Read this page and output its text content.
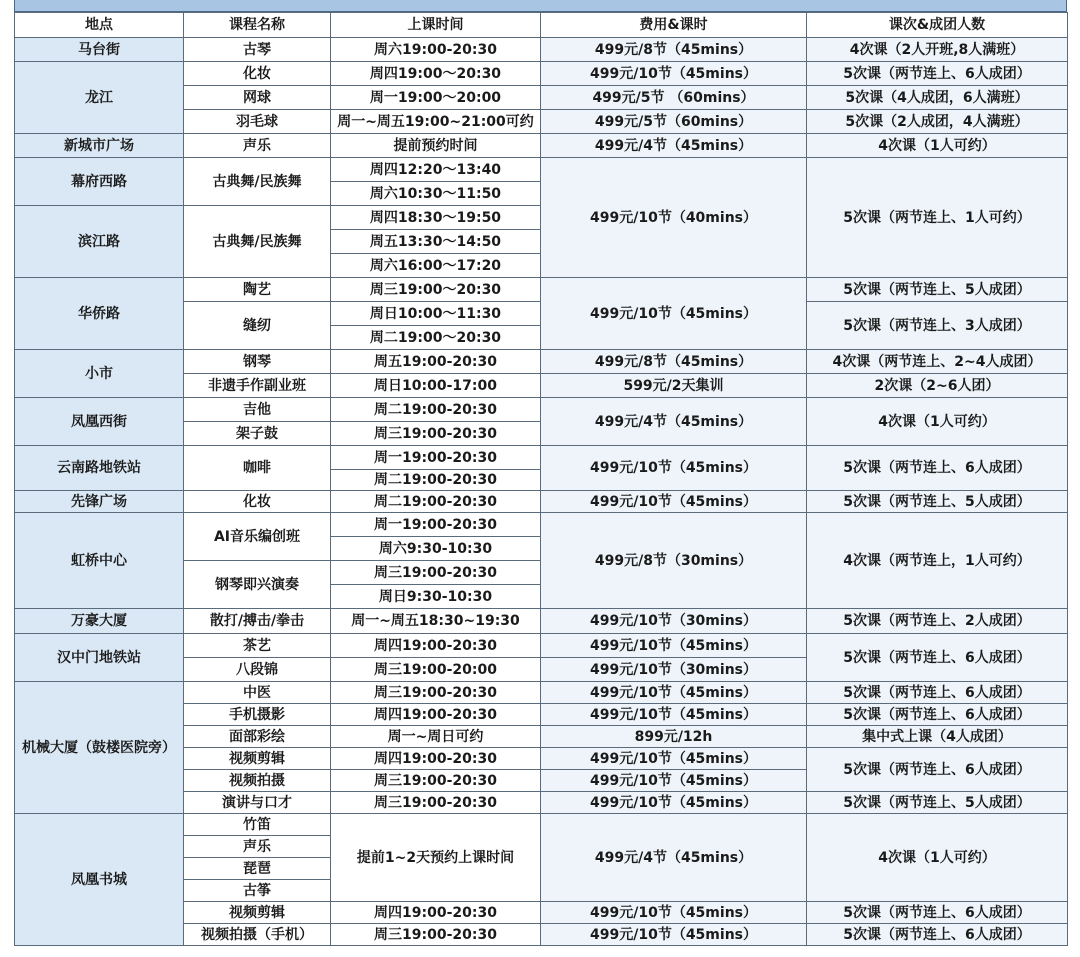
地点	课程名称	上课时间	费用&课时	课次&成团人数
马台街	古琴	周六19:00-20:30	499元/8节（45mins）	4次课（2人开班,8人满班）
龙江	化妆	周四19:00～20:30	499元/10节（45mins）	5次课（两节连上、6人成团）
	网球	周一19:00～20:00	499元/5节 （60mins）	5次课（4人成团，6人满班）
	羽毛球	周一~周五19:00~21:00可约	499元/5节（60mins）	5次课（2人成团，4人满班）
新城市广场	声乐	提前预约时间	499元/4节（45mins）	4次课（1人可约）
幕府西路	古典舞/民族舞	周四12:20～13:40	499元/10节（40mins）	5次课（两节连上、1人可约）
		周六10:30～11:50		
滨江路	古典舞/民族舞	周四18:30～19:50		
		周五13:30～14:50		
		周六16:00～17:20		
华侨路	陶艺	周三19:00～20:30	499元/10节（45mins）	5次课（两节连上、5人成团）
	缝纫	周日10:00～11:30		5次课（两节连上、3人成团）
		周二19:00～20:30		
小市	钢琴	周五19:00-20:30	499元/8节（45mins）	4次课（两节连上、2~4人成团）
	非遗手作副业班	周日10:00-17:00	599元/2天集训	2次课（2~6人团）
凤凰西街	吉他	周二19:00-20:30	499元/4节（45mins）	4次课（1人可约）
	架子鼓	周三19:00-20:30		
云南路地铁站	咖啡	周一19:00-20:30	499元/10节（45mins）	5次课（两节连上、6人成团）
		周二19:00-20:30		
先锋广场	化妆	周二19:00-20:30	499元/10节（45mins）	5次课（两节连上、5人成团）
虹桥中心	AI音乐编创班	周一19:00-20:30	499元/8节（30mins）	4次课（两节连上，1人可约）
		周六9:30-10:30		
	钢琴即兴演奏	周三19:00-20:30		
		周日9:30-10:30		
万豪大厦	散打/搏击/拳击	周一~周五18:30~19:30	499元/10节（30mins）	5次课（两节连上、2人成团）
汉中门地铁站	茶艺	周四19:00-20:30	499元/10节（45mins）	5次课（两节连上、6人成团）
	八段锦	周三19:00-20:00	499元/10节（30mins）	
机械大厦（鼓楼医院旁）	中医	周三19:00-20:30	499元/10节（45mins）	5次课（两节连上、6人成团）
	手机摄影	周四19:00-20:30	499元/10节（45mins）	5次课（两节连上、6人成团）
	面部彩绘	周一~周日可约	899元/12h	集中式上课（4人成团）
	视频剪辑	周四19:00-20:30	499元/10节（45mins）	5次课（两节连上、6人成团）
	视频拍摄	周三19:00-20:30	499元/10节（45mins）	
	演讲与口才	周三19:00-20:30	499元/10节（45mins）	5次课（两节连上、5人成团）
凤凰书城	竹笛	提前1~2天预约上课时间	499元/4节（45mins）	4次课（1人可约）
	声乐			
	琵琶			
	古筝			
	视频剪辑	周四19:00-20:30	499元/10节（45mins）	5次课（两节连上、6人成团）
	视频拍摄（手机）	周三19:00-20:30	499元/10节（45mins）	5次课（两节连上、6人成团）
